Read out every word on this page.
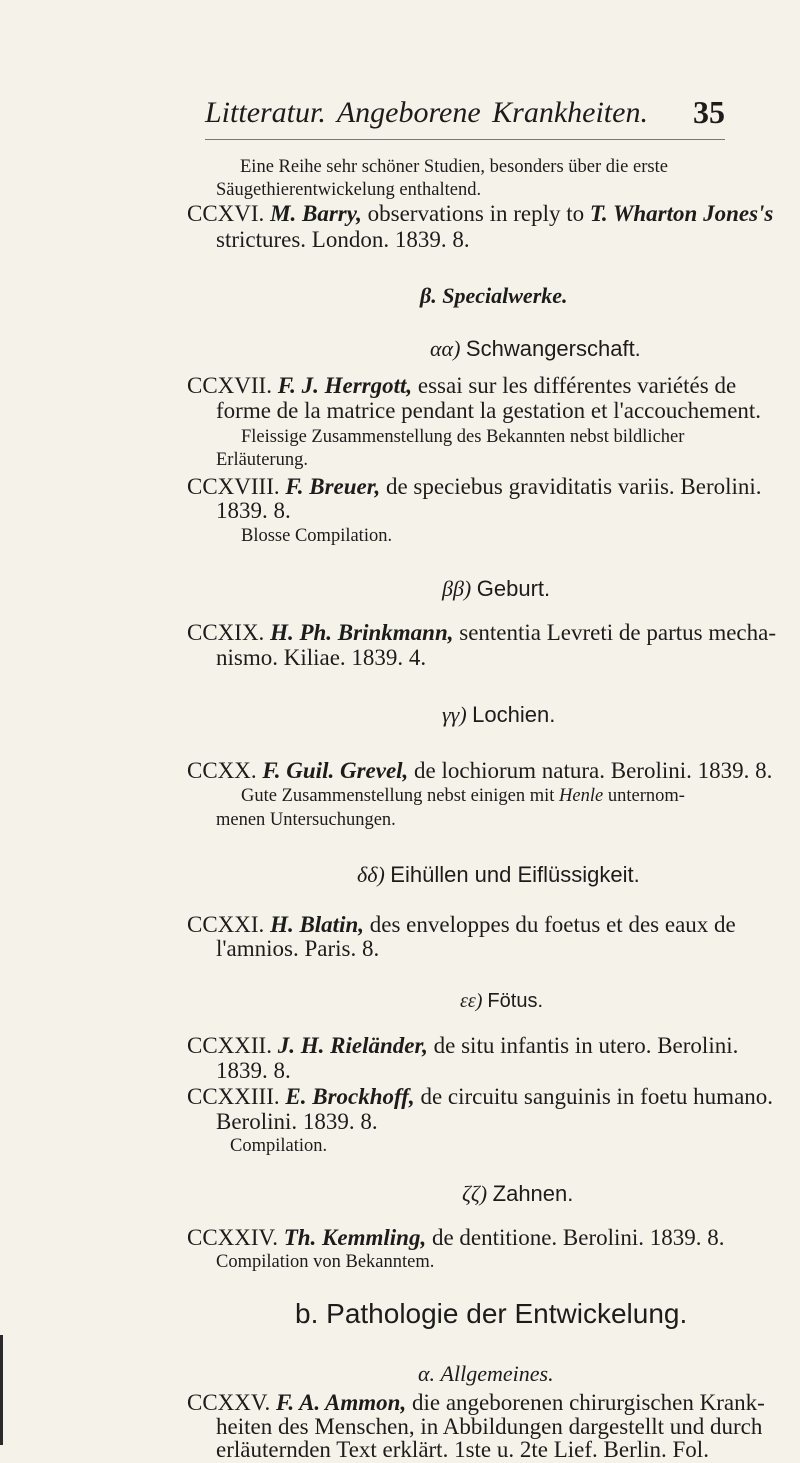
Litteratur. Angeborene Krankheiten. 35
Eine Reihe sehr schöner Studien, besonders über die erste
Säugethierentwickelung enthaltend.
CCXVI. M. Barry, observations in reply to T. Wharton Jones's
strictures. London. 1839. 8.
β. Specialwerke.
αα) Schwangerschaft.
CCXVII. F. J. Herrgott, essai sur les différentes variétés de
forme de la matrice pendant la gestation et l'accouchement.
Fleissige Zusammenstellung des Bekannten nebst bildlicher
Erläuterung.
CCXVIII. F. Breuer, de speciebus graviditatis variis. Berolini.
1839. 8.
Blosse Compilation.
ββ) Geburt.
CCXIX. H. Ph. Brinkmann, sententia Levreti de partus mecha-
nismo. Kiliae. 1839. 4.
γγ) Lochien.
CCXX. F. Guil. Grevel, de lochiorum natura. Berolini. 1839. 8.
Gute Zusammenstellung nebst einigen mit Henle unternom-
menen Untersuchungen.
δδ) Eihüllen und Eiflüssigkeit.
CCXXI. H. Blatin, des enveloppes du foetus et des eaux de
l'amnios. Paris. 8.
εε) Fötus.
CCXXII. J. H. Rieländer, de situ infantis in utero. Berolini.
1839. 8.
CCXXIII. E. Brockhoff, de circuitu sanguinis in foetu humano.
Berolini. 1839. 8.
Compilation.
ζζ) Zahnen.
CCXXIV. Th. Kemmling, de dentitione. Berolini. 1839. 8.
Compilation von Bekanntem.
b. Pathologie der Entwickelung.
α. Allgemeines.
CCXXV. F. A. Ammon, die angeborenen chirurgischen Krank-
heiten des Menschen, in Abbildungen dargestellt und durch
erläuternden Text erklärt. 1ste u. 2te Lief. Berlin. Fol.
